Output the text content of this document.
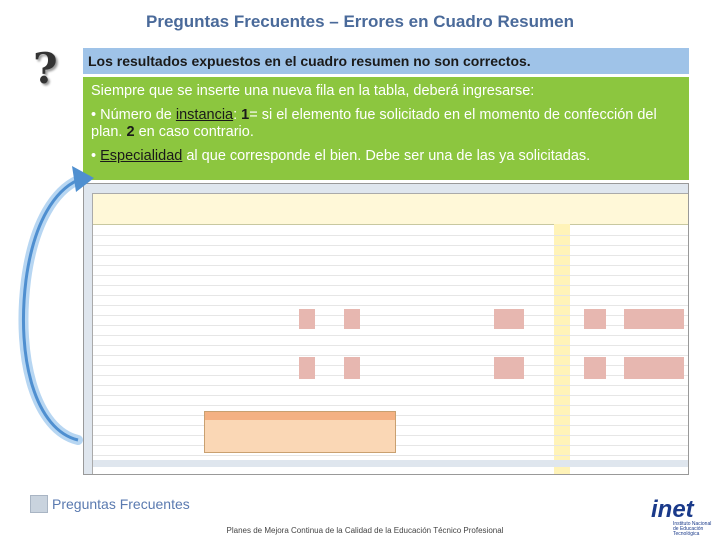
Preguntas Frecuentes – Errores en Cuadro Resumen
?	Los resultados expuestos en el cuadro resumen no son correctos.

Siempre que se inserte una nueva fila en la tabla, deberá ingresarse:

• Número de instancia: 1= si el elemento fue solicitado en el momento de confección del plan. 2 en caso contrario.

• Especialidad al que corresponde el bien. Debe ser una de las ya solicitadas.

Preguntas Frecuentes
Planes de Mejora Continua de la Calidad de la Educación Técnico Profesional
inet
Instituto Nacional de Educación Tecnológica
